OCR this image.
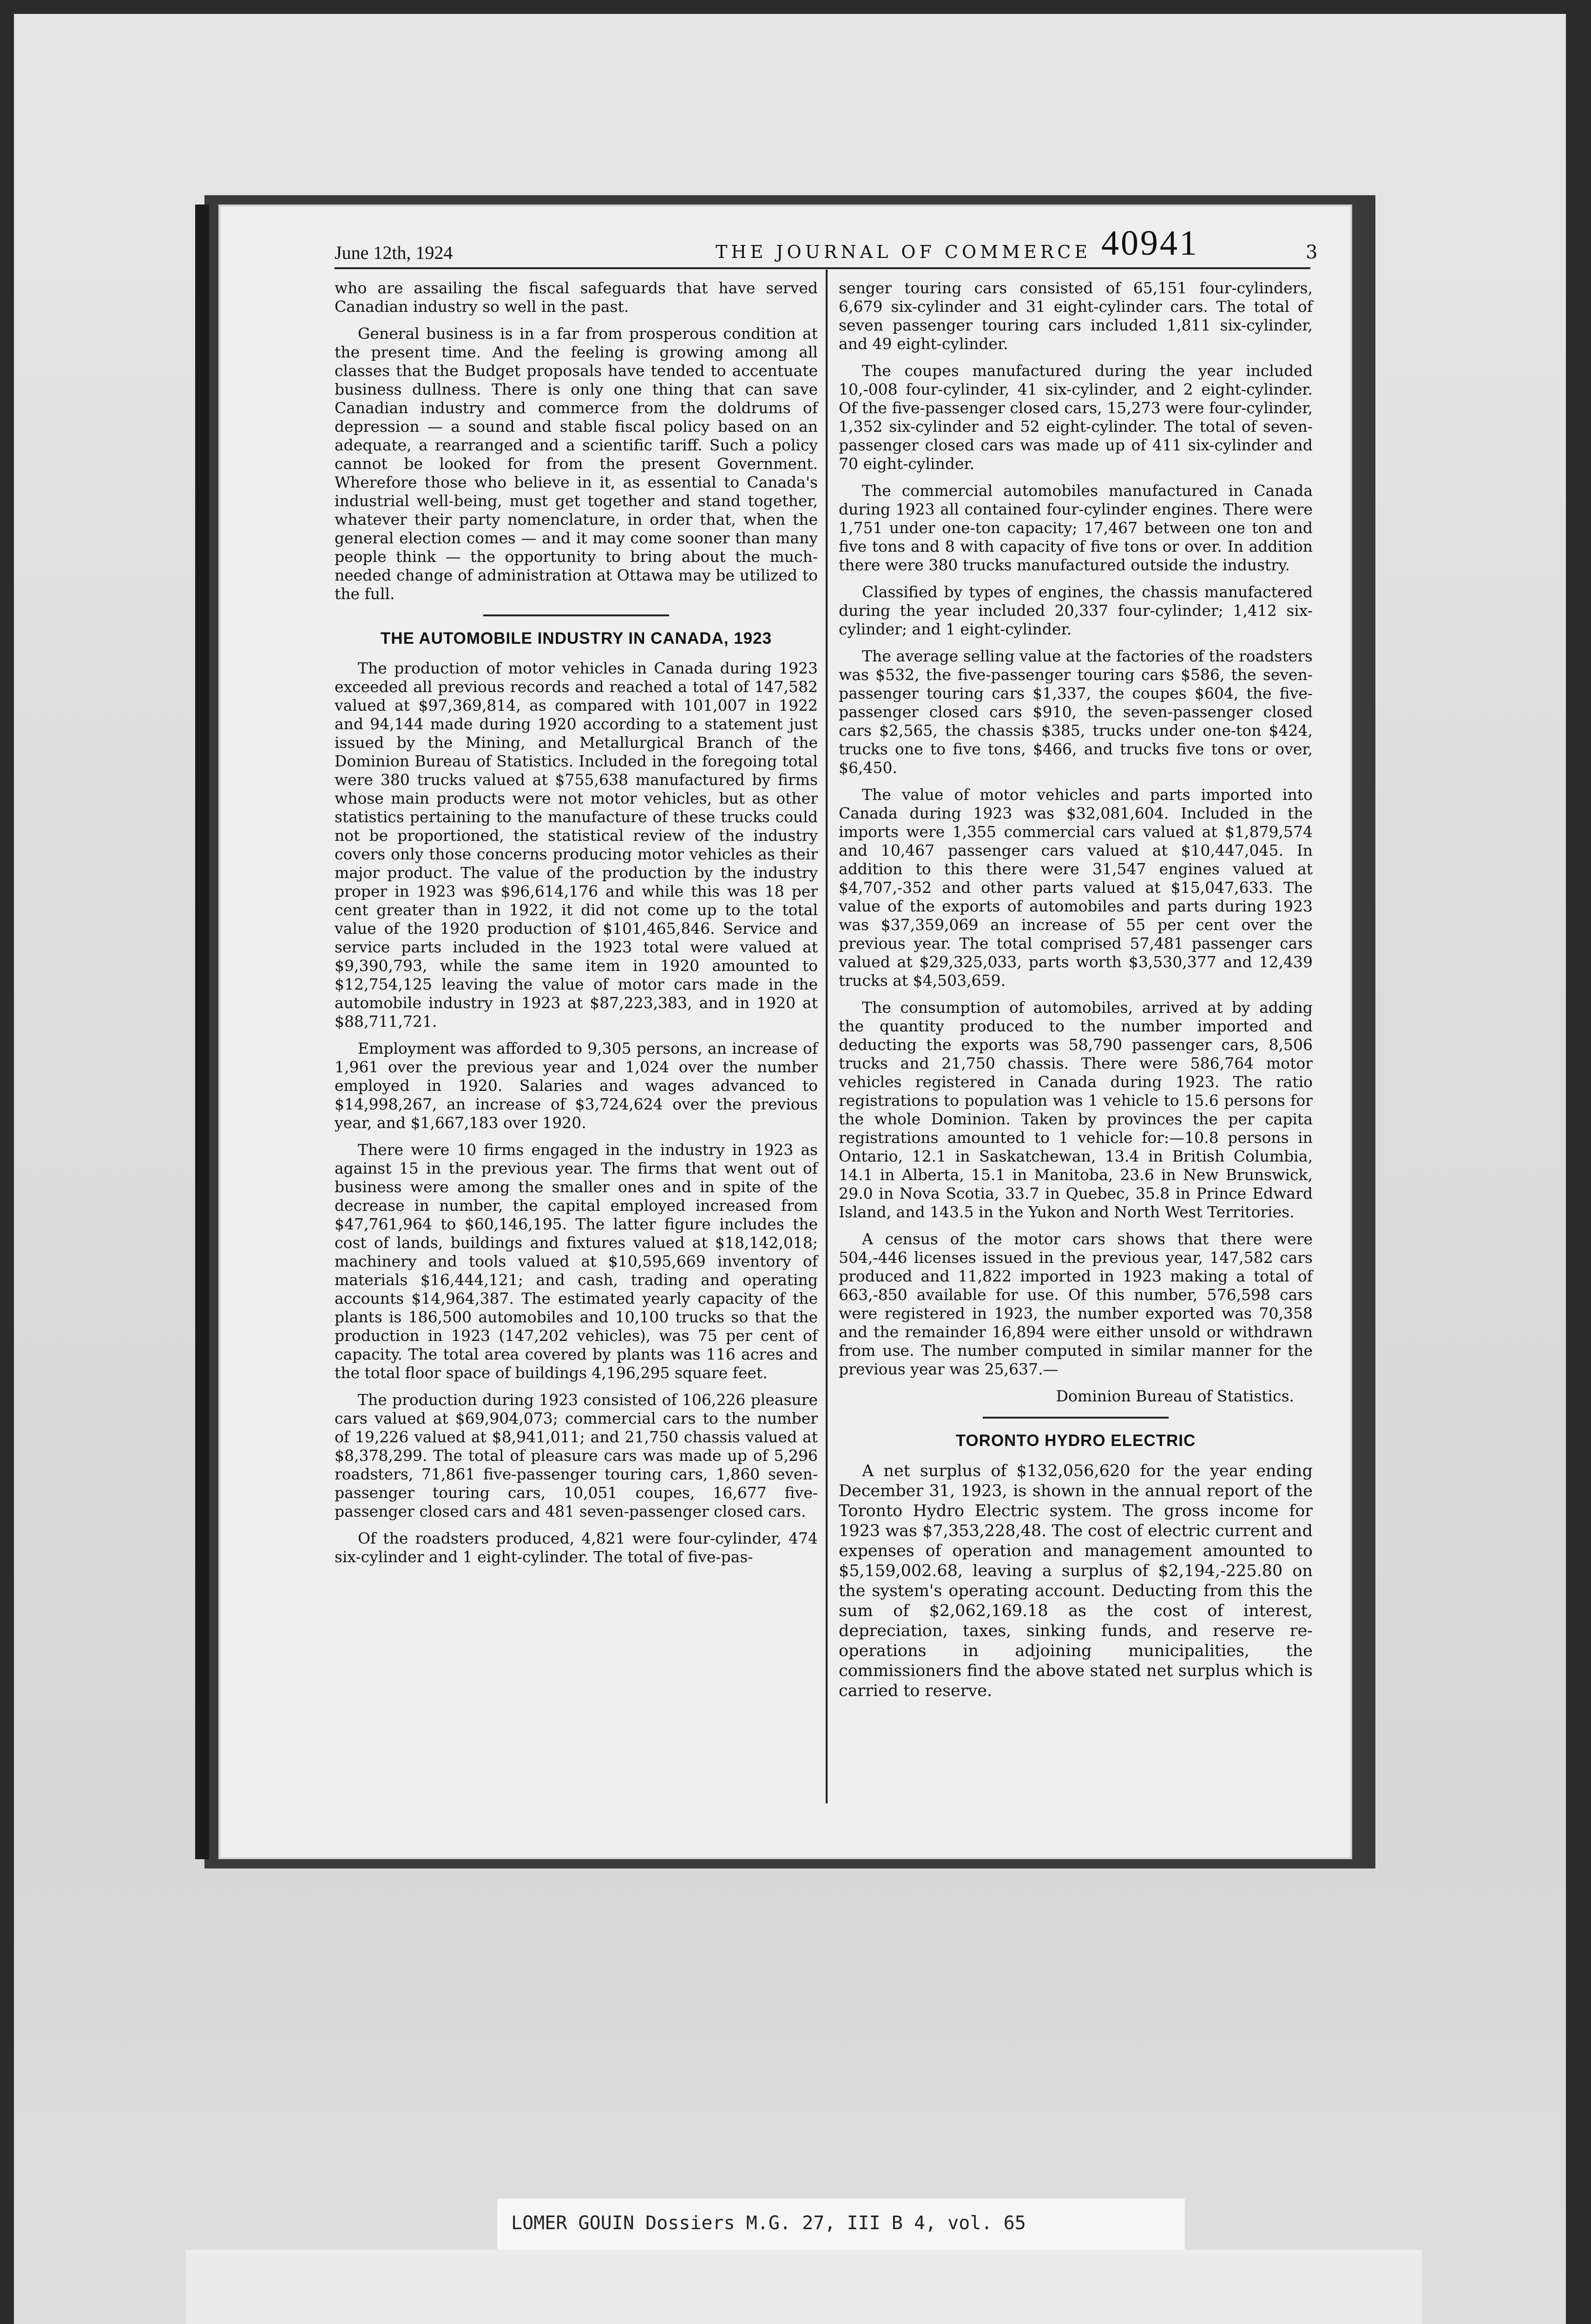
June 12th, 1924	THE JOURNAL OF COMMERCE 40941	3

who are assailing the fiscal safeguards that have served Canadian industry so well in the past.

General business is in a far from prosperous condition at the present time. And the feeling is growing among all classes that the Budget proposals have tended to accentuate business dullness. There is only one thing that can save Canadian industry and commerce from the doldrums of depression — a sound and stable fiscal policy based on an adequate, a rearranged and a scientific tariff. Such a policy cannot be looked for from the present Government. Wherefore those who believe in it, as essential to Canada's industrial well-being, must get together and stand together, whatever their party nomenclature, in order that, when the general election comes — and it may come sooner than many people think — the opportunity to bring about the much-needed change of administration at Ottawa may be utilized to the full.

THE AUTOMOBILE INDUSTRY IN CANADA, 1923

The production of motor vehicles in Canada during 1923 exceeded all previous records and reached a total of 147,582 valued at $97,369,814, as compared with 101,007 in 1922 and 94,144 made during 1920 according to a statement just issued by the Mining, and Metallurgical Branch of the Dominion Bureau of Statistics. Included in the foregoing total were 380 trucks valued at $755,638 manufactured by firms whose main products were not motor vehicles, but as other statistics pertaining to the manufacture of these trucks could not be proportioned, the statistical review of the industry covers only those concerns producing motor vehicles as their major product. The value of the production by the industry proper in 1923 was $96,614,176 and while this was 18 per cent greater than in 1922, it did not come up to the total value of the 1920 production of $101,465,846. Service and service parts included in the 1923 total were valued at $9,390,793, while the same item in 1920 amounted to $12,754,125 leaving the value of motor cars made in the automobile industry in 1923 at $87,223,383, and in 1920 at $88,711,721.

Employment was afforded to 9,305 persons, an increase of 1,961 over the previous year and 1,024 over the number employed in 1920. Salaries and wages advanced to $14,998,267, an increase of $3,724,624 over the previous year, and $1,667,183 over 1920.

There were 10 firms engaged in the industry in 1923 as against 15 in the previous year. The firms that went out of business were among the smaller ones and in spite of the decrease in number, the capital employed increased from $47,761,964 to $60,146,195. The latter figure includes the cost of lands, buildings and fixtures valued at $18,142,018; machinery and tools valued at $10,595,669 inventory of materials $16,444,121; and cash, trading and operating accounts $14,964,387. The estimated yearly capacity of the plants is 186,500 automobiles and 10,100 trucks so that the production in 1923 (147,202 vehicles), was 75 per cent of capacity. The total area covered by plants was 116 acres and the total floor space of buildings 4,196,295 square feet.

The production during 1923 consisted of 106,226 pleasure cars valued at $69,904,073; commercial cars to the number of 19,226 valued at $8,941,011; and 21,750 chassis valued at $8,378,299. The total of pleasure cars was made up of 5,296 roadsters, 71,861 five-passenger touring cars, 1,860 seven-passenger touring cars, 10,051 coupes, 16,677 five-passenger closed cars and 481 seven-passenger closed cars.

Of the roadsters produced, 4,821 were four-cylinder, 474 six-cylinder and 1 eight-cylinder. The total of five-pas-

senger touring cars consisted of 65,151 four-cylinders, 6,679 six-cylinder and 31 eight-cylinder cars. The total of seven passenger touring cars included 1,811 six-cylinder, and 49 eight-cylinder.

The coupes manufactured during the year included 10,-008 four-cylinder, 41 six-cylinder, and 2 eight-cylinder. Of the five-passenger closed cars, 15,273 were four-cylinder, 1,352 six-cylinder and 52 eight-cylinder. The total of seven-passenger closed cars was made up of 411 six-cylinder and 70 eight-cylinder.

The commercial automobiles manufactured in Canada during 1923 all contained four-cylinder engines. There were 1,751 under one-ton capacity; 17,467 between one ton and five tons and 8 with capacity of five tons or over. In addition there were 380 trucks manufactured outside the industry.

Classified by types of engines, the chassis manufactered during the year included 20,337 four-cylinder; 1,412 six-cylinder; and 1 eight-cylinder.

The average selling value at the factories of the roadsters was $532, the five-passenger touring cars $586, the seven-passenger touring cars $1,337, the coupes $604, the five-passenger closed cars $910, the seven-passenger closed cars $2,565, the chassis $385, trucks under one-ton $424, trucks one to five tons, $466, and trucks five tons or over, $6,450.

The value of motor vehicles and parts imported into Canada during 1923 was $32,081,604. Included in the imports were 1,355 commercial cars valued at $1,879,574 and 10,467 passenger cars valued at $10,447,045. In addition to this there were 31,547 engines valued at $4,707,-352 and other parts valued at $15,047,633. The value of the exports of automobiles and parts during 1923 was $37,359,069 an increase of 55 per cent over the previous year. The total comprised 57,481 passenger cars valued at $29,325,033, parts worth $3,530,377 and 12,439 trucks at $4,503,659.

The consumption of automobiles, arrived at by adding the quantity produced to the number imported and deducting the exports was 58,790 passenger cars, 8,506 trucks and 21,750 chassis. There were 586,764 motor vehicles registered in Canada during 1923. The ratio registrations to population was 1 vehicle to 15.6 persons for the whole Dominion. Taken by provinces the per capita registrations amounted to 1 vehicle for:—10.8 persons in Ontario, 12.1 in Saskatchewan, 13.4 in British Columbia, 14.1 in Alberta, 15.1 in Manitoba, 23.6 in New Brunswick, 29.0 in Nova Scotia, 33.7 in Quebec, 35.8 in Prince Edward Island, and 143.5 in the Yukon and North West Territories.

A census of the motor cars shows that there were 504,-446 licenses issued in the previous year, 147,582 cars produced and 11,822 imported in 1923 making a total of 663,-850 available for use. Of this number, 576,598 cars were registered in 1923, the number exported was 70,358 and the remainder 16,894 were either unsold or withdrawn from use. The number computed in similar manner for the previous year was 25,637.—

Dominion Bureau of Statistics.

TORONTO HYDRO ELECTRIC

A net surplus of $132,056,620 for the year ending December 31, 1923, is shown in the annual report of the Toronto Hydro Electric system. The gross income for 1923 was $7,353,228,48. The cost of electric current and expenses of operation and management amounted to $5,159,002.68, leaving a surplus of $2,194,-225.80 on the system's operating account. Deducting from this the sum of $2,062,169.18 as the cost of interest, depreciation, taxes, sinking funds, and reserve re-operations in adjoining municipalities, the commissioners find the above stated net surplus which is carried to reserve.

LOMER GOUIN Dossiers M.G. 27, III B 4, vol. 65
